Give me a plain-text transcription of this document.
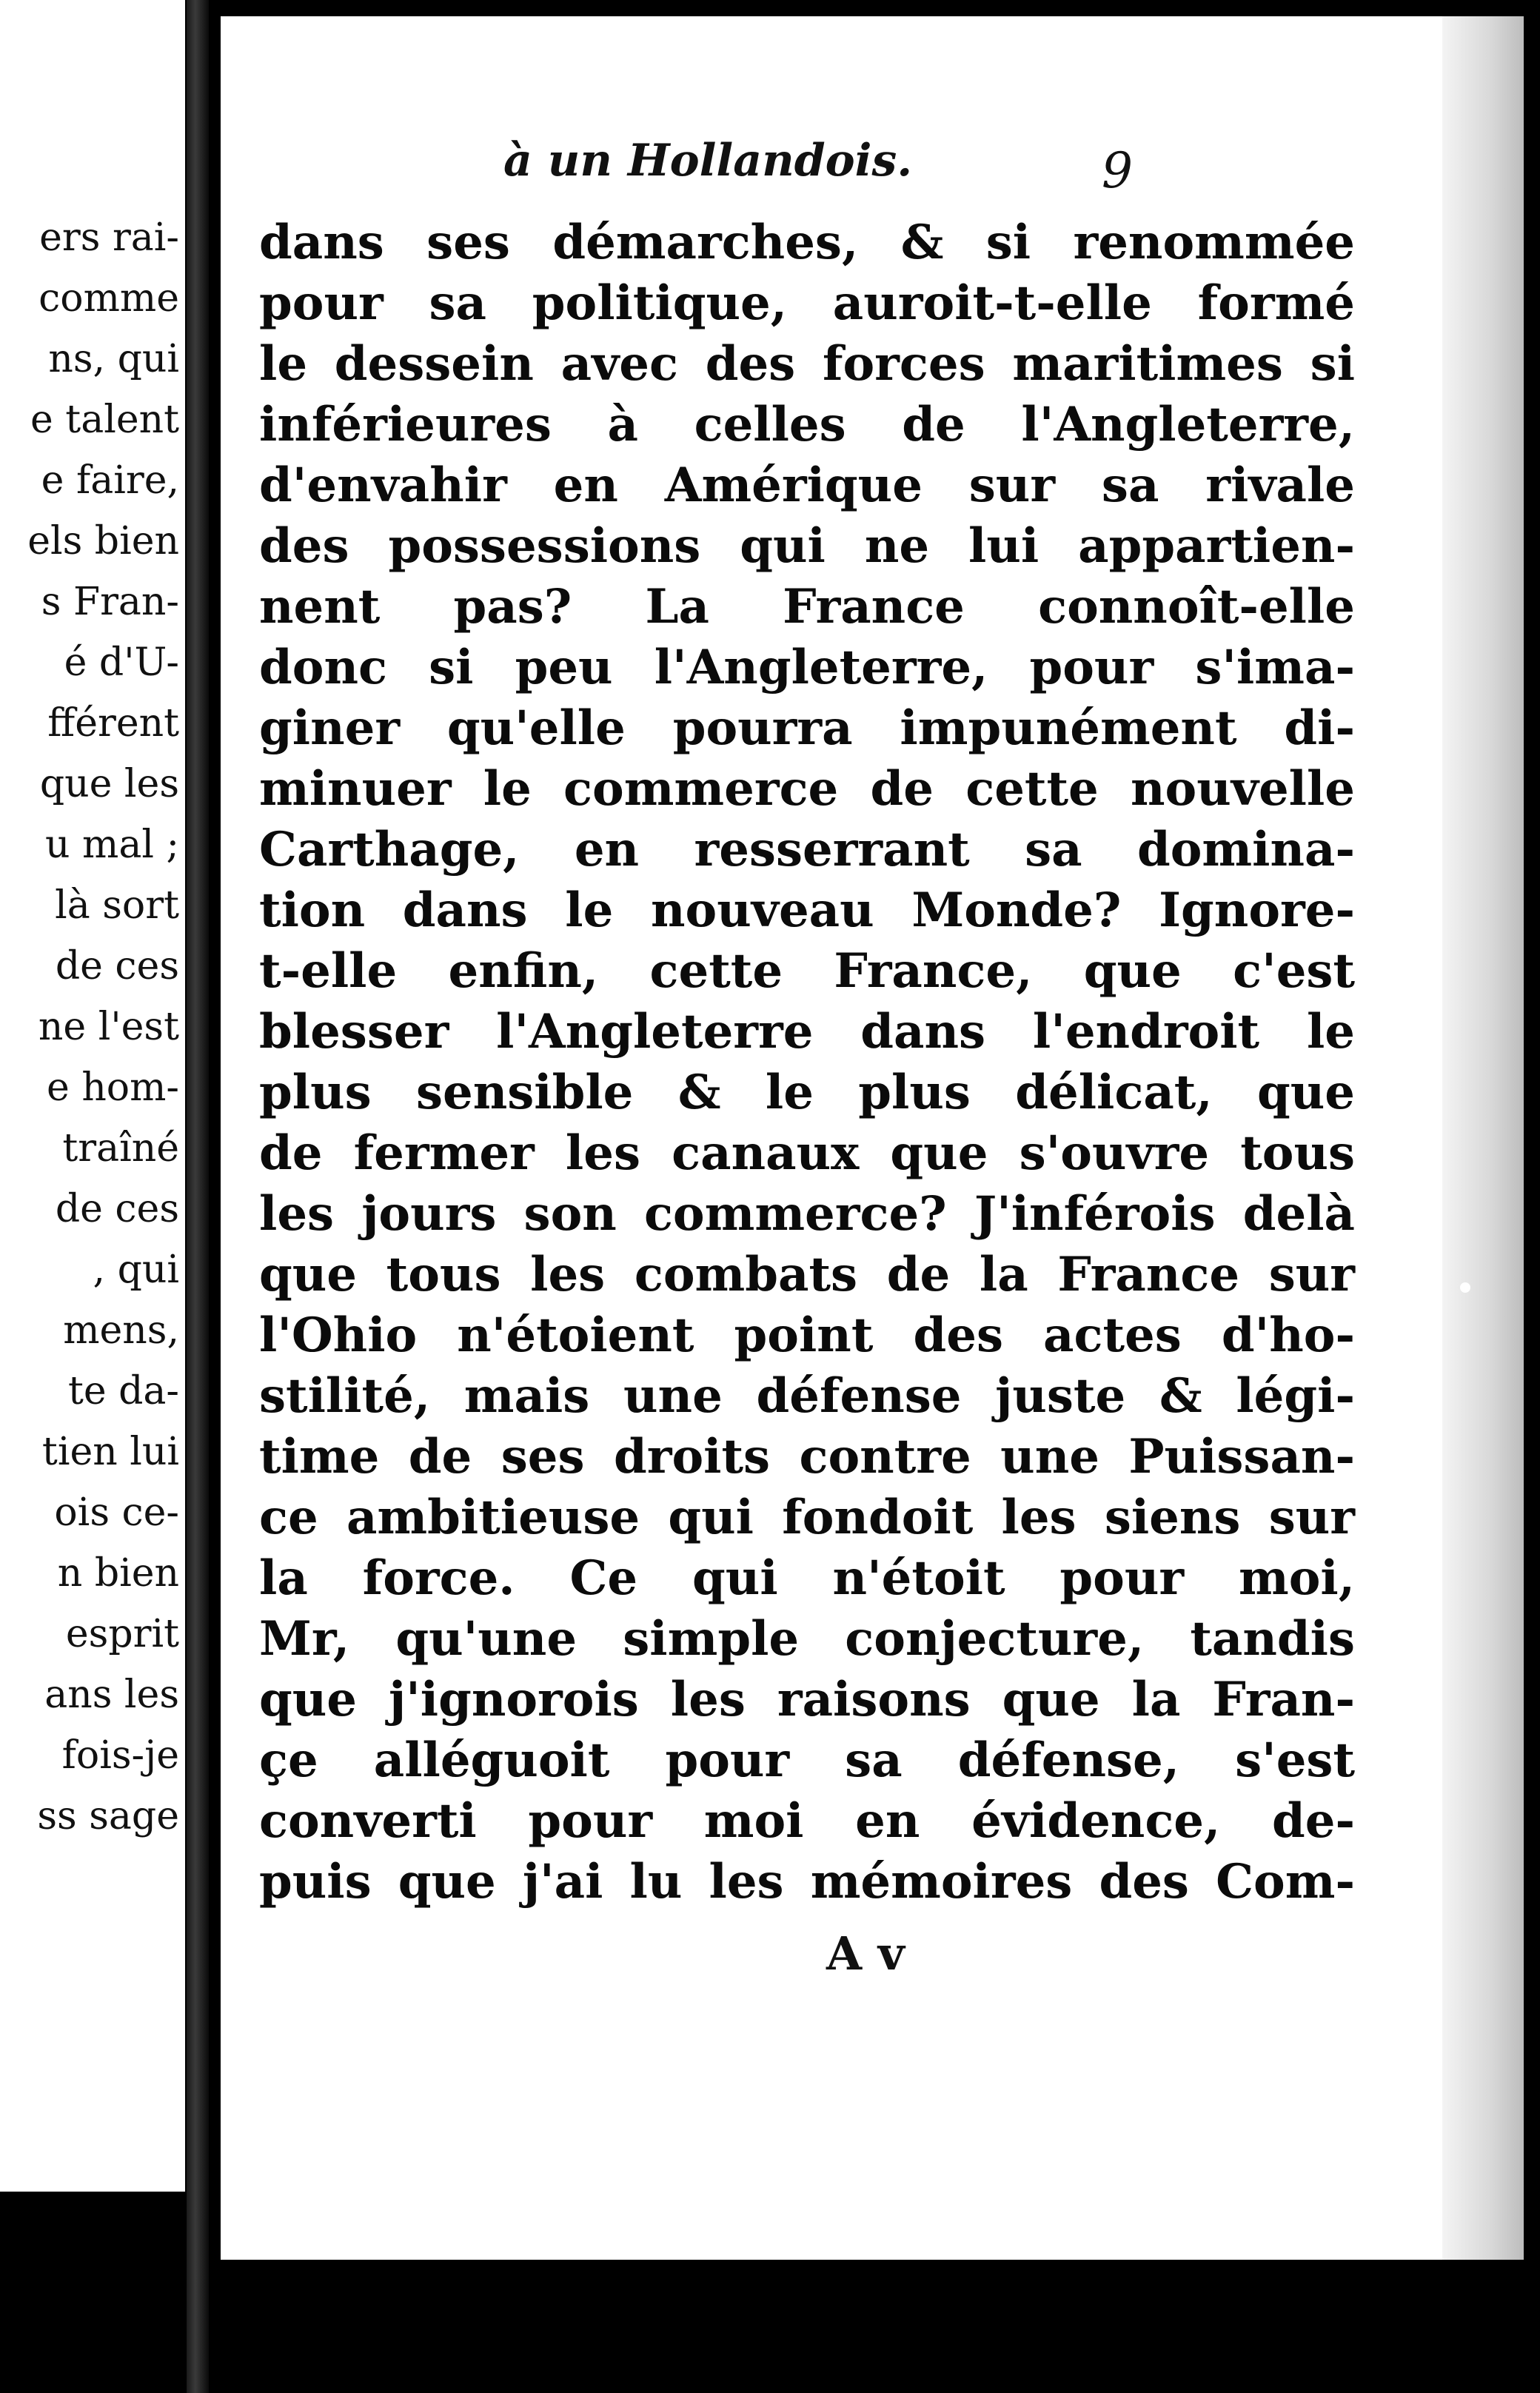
ers rai-
comme
ns, qui
e talent
e faire,
els bien
s Fran-
é d'U-
fférent
que les
u mal ;
là sort
de ces
ne l'est
e hom-
traîné
de ces
, qui
mens,
te da-
tien lui
ois ce-
n bien
esprit
ans les
fois-je
ss sage
à un Hollandois.	9
dans ses démarches, & si renommée
pour sa politique, auroit-t-elle formé
le dessein avec des forces maritimes si
inférieures à celles de l'Angleterre,
d'envahir en Amérique sur sa rivale
des possessions qui ne lui appartien-
nent pas? La France connoît-elle
donc si peu l'Angleterre, pour s'ima-
giner qu'elle pourra impunément di-
minuer le commerce de cette nouvelle
Carthage, en resserrant sa domina-
tion dans le nouveau Monde? Ignore-
t-elle enfin, cette France, que c'est
blesser l'Angleterre dans l'endroit le
plus sensible & le plus délicat, que
de fermer les canaux que s'ouvre tous
les jours son commerce? J'inférois delà
que tous les combats de la France sur
l'Ohio n'étoient point des actes d'ho-
stilité, mais une défense juste & légi-
time de ses droits contre une Puissan-
ce ambitieuse qui fondoit les siens sur
la force. Ce qui n'étoit pour moi,
Mr, qu'une simple conjecture, tandis
que j'ignorois les raisons que la Fran-
çe alléguoit pour sa défense, s'est
converti pour moi en évidence, de-
puis que j'ai lu les mémoires des Com-
A v
